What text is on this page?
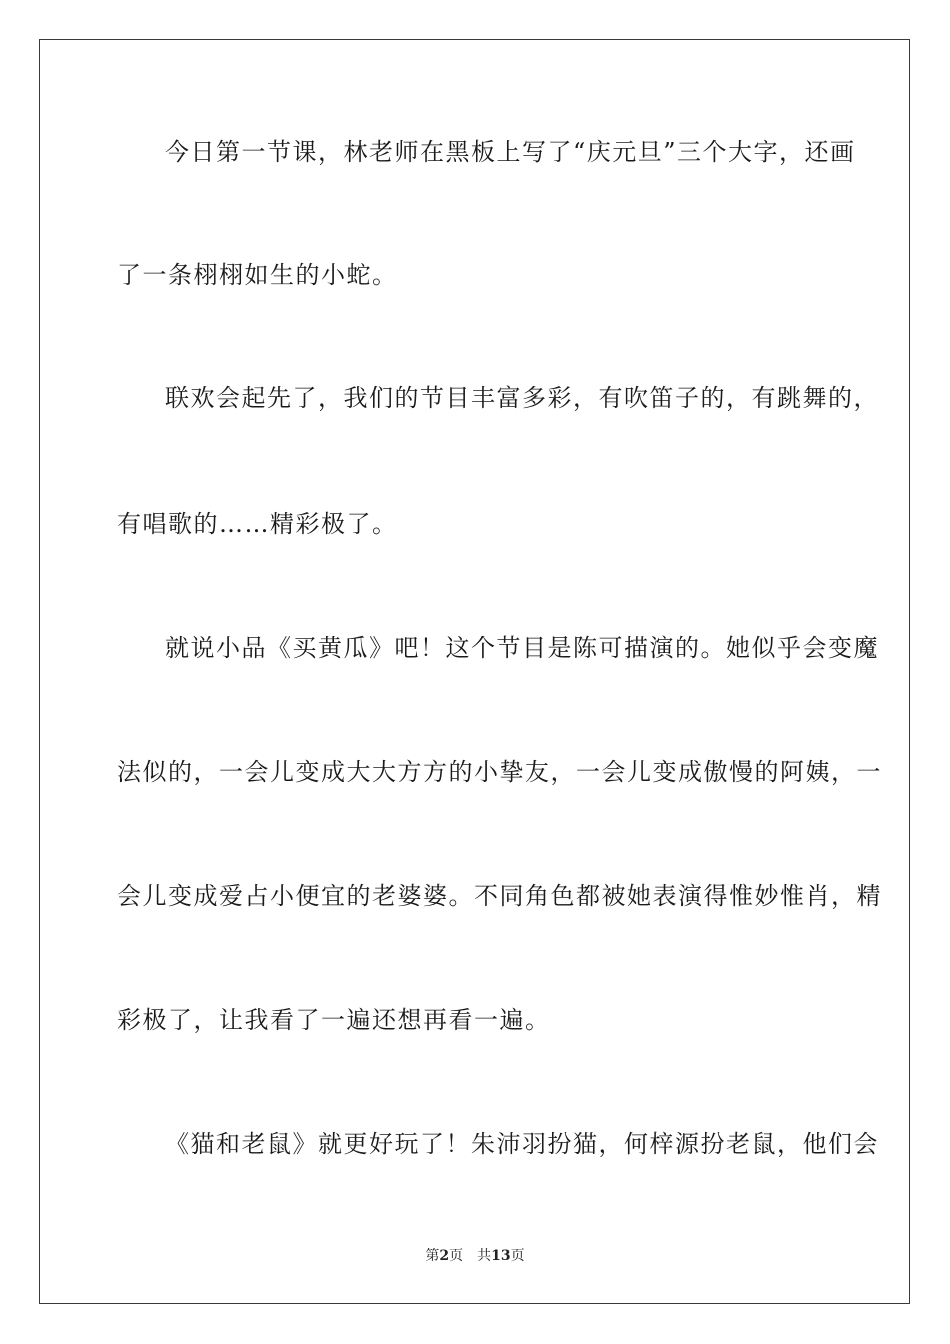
今日第一节课，林老师在黑板上写了“庆元旦”三个大字，还画
了一条栩栩如生的小蛇。
联欢会起先了，我们的节目丰富多彩，有吹笛子的，有跳舞的，
有唱歌的……精彩极了。
就说小品《买黄瓜》吧！这个节目是陈可描演的。她似乎会变魔
法似的，一会儿变成大大方方的小挚友，一会儿变成傲慢的阿姨，一
会儿变成爱占小便宜的老婆婆。不同角色都被她表演得惟妙惟肖，精
彩极了，让我看了一遍还想再看一遍。
《猫和老鼠》就更好玩了！朱沛羽扮猫，何梓源扮老鼠，他们会
第2页 共13页
